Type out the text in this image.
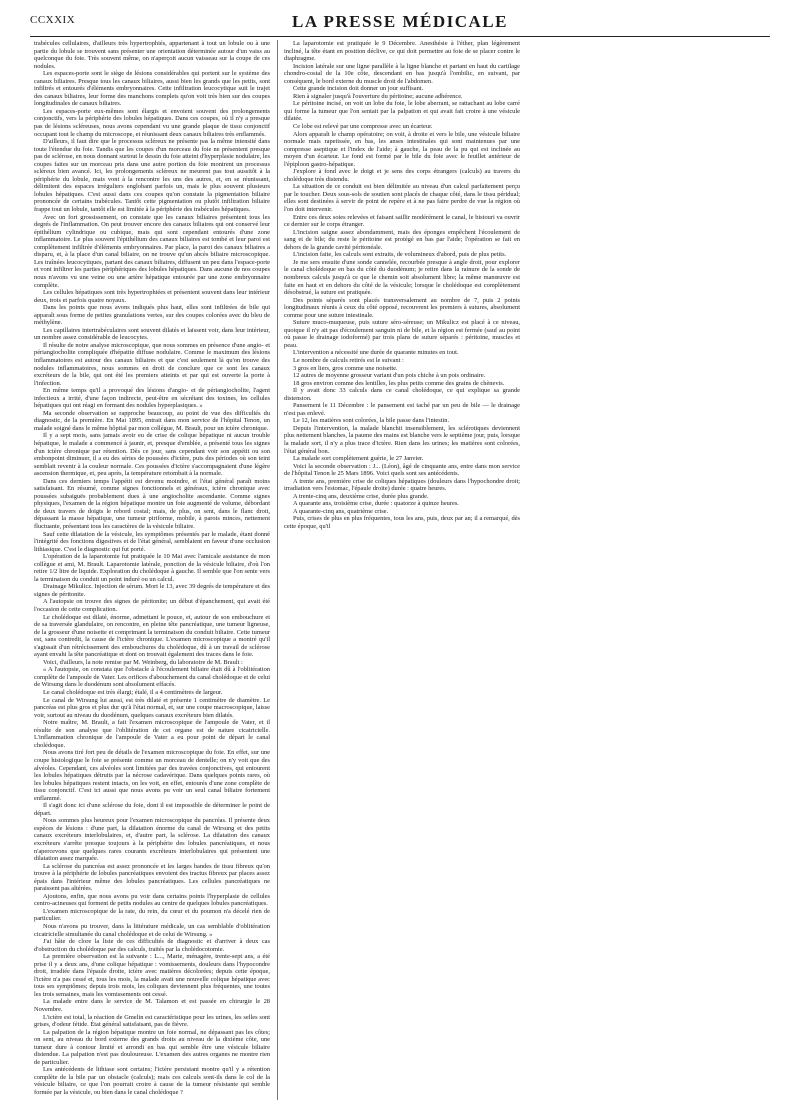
CCXXIX	LA PRESSE MÉDICALE

trabécules cellulaires, d'ailleurs très hypertrophiés, appartenant à tout un lobule ou à une partie du lobule se trouvent sans présenter une orientation déterminée autour d'un vaiss au quelconque du foie. Très souvent même, on n'aperçoit aucun vaisseau sur la coupe de ces nodules.

Les espaces-porte sont le siège de lésions considérables qui portent sur le système des canaux biliaires. Presque tous les canaux biliaires, aussi bien les grands que les petits, sont infiltrés et entourés d'éléments embryonnaires. Cette infiltration leucocytique suit le trajet des canaux biliaires, leur forme des manchons complets qu'on voit très bien sur des coupes longitudinales de canaux biliaires.

Les espaces-porte eux-mêmes sont élargis et envoient souvent des prolongements conjonctifs, vers la périphérie des lobules hépatiques. Dans ces coupes, où il n'y a presque pas de lésions scléreuses, nous avons cependant vu une grande plaque de tissu conjonctif occupant tout le champ du microscope, et réunissant deux canaux biliaires très enflammés.

D'ailleurs, il faut dire que le processus scléreux ne présente pas la même intensité dans toute l'étendue du foie. Tandis que les coupes d'un morceau du foie ne présentent presque pas de sclérose, en nous donnant surtout le dessin du foie atteint d'hyperplasie nodulaire, les coupes faites sur un morceau pris dans une autre portion du foie montrent un processus scléreux bien avancé. Ici, les prolongements scléreux ne meurent pas tout aussitôt à la périphérie du lobule, mais vont à la rencontre les uns des autres, et, en se réunissant, délimitent des espaces irréguliers englobant parfois un, mais le plus souvent plusieurs lobules hépatiques. C'est aussi dans ces coupes qu'on constate la pigmentation biliaire prononcée de certains trabécules. Tantôt cette pigmentation ou plutôt infiltration biliaire frappe tout un lobule, tantôt elle est limitée à la périphérie des trabécules hépatiques.

Avec un fort grossissement, on constate que les canaux biliaires présentent tous les degrés de l'inflammation. On peut trouver encore des canaux biliaires qui ont conservé leur épithélium cylindrique ou cubique, mais qui sont cependant entourés d'une zone inflammatoire. Le plus souvent l'épithélium des canaux biliaires est tombé et leur paroi est complètement infiltrée d'éléments embryonnaires. Par place, la paroi des canaux biliaires a disparu, et, à la place d'un canal biliaire, on ne trouve qu'un abcès biliaire microscopique. Les traînées leucocytiques, partant des canaux biliaires, diffusent un peu dans l'espace-porte et vont infiltrer les parties périphériques des lobules hépatiques. Dans aucune de nos coupes nous n'avons vu une veine ou une artère hépatique entourée par une zone embryonnaire complète.

Les cellules hépatiques sont très hypertrophiées et présentent souvent dans leur intérieur deux, trois et parfois quatre noyaux.

Dans les points que nous avons indiqués plus haut, elles sont infiltrées de bile qui apparaît sous forme de petites granulations vertes, sur des coupes colorées avec du bleu de méthylène.

Les capillaires intertrabéculaires sont souvent dilatés et laissent voir, dans leur intérieur, un nombre assez considérable de leucocytes.

Il résulte de notre analyse microscopique, que nous sommes en présence d'une angio- et périangiocholite compliquée d'hépatite diffuse nodulaire. Comme le maximum des lésions inflammatoires est autour des canaux biliaires et que c'est seulement là qu'on trouve des nodules inflammatoires, nous sommes en droit de conclure que ce sont les canaux excréteurs de la bile, qui ont été les premiers atteints et par qui est ouverte la porte à l'infection.

En même temps qu'il a provoqué des lésions d'angio- et de périangiocholite, l'agent infectieux a irrité, d'une façon indirecte, peut-être en sécrétant des toxines, les cellules hépatiques qui ont réagi en formant des nodules hyperplasiques. »

Ma seconde observation se rapproche beaucoup, au point de vue des difficultés du diagnostic, de la première. En Mai 1895, entrait dans mon service de l'hôpital Tenon, un malade soigné dans le même hôpital par mon collègue, M. Brault, pour un ictère chronique.

Il y a sept mois, sans jamais avoir eu de crise de colique hépatique ni aucun trouble hépatique, le malade a commencé à jaunir, et, presque d'emblée, a présenté tous les signes d'un ictère chronique par rétention. Dès ce jour, sans cependant voir son appétit ou son embonpoint diminuer, il a eu des séries de poussées d'ictère, puis des périodes où son teint semblait revenir à la couleur normale. Ces poussées d'ictère s'accompagnaient d'une légère ascension thermique, et, peu après, la température retombait à la normale.

Dans ces derniers temps l'appétit est devenu moindre, et l'état général paraît moins satisfaisant. En résumé, comme signes fonctionnels et généraux, ictère chronique avec poussées subaiguës probablement dues à une angiocholite ascendante. Comme signes physiques, l'examen de la région hépatique montre un foie augmenté de volume, débordant de deux travers de doigts le rebord costal; mais, de plus, on sent, dans le flanc droit, dépassant la masse hépatique, une tumeur piriforme, mobile, à parois minces, nettement fluctuante, présentant tous les caractères de la vésicule biliaire.

Sauf cette dilatation de la vésicule, les symptômes présentés par le malade, étant donné l'intégrité des fonctions digestives et de l'état général, semblaient en faveur d'une occlusion lithiasique. C'est le diagnostic qui fut porté.

L'opération de la laparotomie fut pratiquée le 10 Mai avec l'amicale assistance de mon collègue et ami, M. Brault. Laparotomie latérale, ponction de la vésicule biliaire, d'où l'on retire 1/2 litre de liquide. Exploration du cholédoque à gauche. Il semble que l'on sente vers la terminaison du conduit un point induré ou un calcul.

Drainage Mikulicz. Injection de sérum. Mort le 13, avec 39 degrés de température et des signes de péritonite.

A l'autopsie on trouve des signes de péritonite; un début d'épanchement, qui avait été l'occasion de cette complication.

Le cholédoque est dilaté, énorme, admettant le pouce, et, autour de son embouchure et de sa traversée glandulaire, on rencontre, en pleine tête pancréatique, une tumeur ligneuse, de la grosseur d'une noisette et comprimant la terminaison du conduit biliaire. Cette tumeur est, sans contredit, la cause de l'ictère chronique. L'examen microscopique a montré qu'il s'agissait d'un rétrécissement des embouchures du cholédoque, dû à un travail de sclérose ayant envahi la tête pancréatique et dont on trouvait également des traces dans le foie.

Voici, d'ailleurs, la note remise par M. Weinberg, du laboratoire de M. Brault :

« A l'autopsie, on constata que l'obstacle à l'écoulement biliaire était dû à l'oblitération complète de l'ampoule de Vater. Les orifices d'abouchement du canal cholédoque et de celui de Wirsung dans le duodénum sont absolument effacés.

Le canal cholédoque est très élargi; étalé, il a 4 centimètres de largeur.

Le canal de Wirsung lui aussi, est très dilaté et présente 1 centimètre de diamètre. Le pancréas est plus gros et plus dur qu'à l'état normal, et, sur une coupe macroscopique, laisse voir, surtout au niveau du duodénum, quelques canaux excréteurs bien dilatés.

Notre maître, M. Brault, a fait l'examen microscopique de l'ampoule de Vater, et il résulte de son analyse que l'oblitération de cet organe est de nature cicatricielle. L'inflammation chronique de l'ampoule de Vater a eu pour point de départ le canal cholédoque.

Nous avons tiré fort peu de détails de l'examen microscopique du foie. En effet, sur une coupe histologique le foie se présente comme un morceau de dentelle; on n'y voit que des alvéoles. Cependant, ces alvéoles sont limitées par des travées conjonctives, qui entourent les lobules hépatiques détruits par la nécrose cadavérique. Dans quelques points rares, où les lobules hépatiques restent intacts, on les voit, en effet, entourés d'une zone complète de tissu conjonctif. C'est ici aussi que nous avons pu voir un seul canal biliaire fortement enflammé.

Il s'agit donc ici d'une sclérose du foie, dont il est impossible de déterminer le point de départ.

Nous sommes plus heureux pour l'examen microscopique du pancréas. Il présente deux espèces de lésions : d'une part, la dilatation énorme du canal de Wirsung et des petits canaux excréteurs interlobulaires, et, d'autre part, la sclérose. La dilatation des canaux excréteurs s'arrête presque toujours à la périphérie des lobules pancréatiques, et nous n'apercevons que quelques rares courants excréteurs interlobulaires qui présentent une dilatation assez marquée.

La sclérose du pancréas est assez prononcée et les larges bandes de tissu fibreux qu'on trouve à la périphérie de lobules pancréatiques envoient des tractus fibreux par places assez épais dans l'intérieur même des lobules pancréatiques. Les cellules pancréatiques ne paraissent pas altérées.

Ajoutons, enfin, que nous avons pu voir dans certains points l'hyperplasie de cellules centro-acineuses qui forment de petits nodules au centre de quelques lobules pancréatiques.

L'examen microscopique de la rate, du rein, du cœur et du poumon n'a décelé rien de particulier.

Nous n'avons pu trouver, dans la littérature médicale, un cas semblable d'oblitération cicatricielle simultanée du canal cholédoque et de celui de Wirsung. »

J'ai hâte de clore la liste de ces difficultés de diagnostic et d'arriver à deux cas d'obstruction du cholédoque par des calculs, traités par la cholédocotomie.

La première observation est la suivante : L..., Marie, ménagère, trente-sept ans, a été prise il y a deux ans, d'une colique hépatique : vomissements, douleurs dans l'hypocondre droit, irradiée dans l'épaule droite, ictère avec matières décolorées; depuis cette époque, l'ictère n'a pas cessé et, tous les mois, la malade avait une nouvelle colique hépatique avec tous ses symptômes; depuis trois mois, les coliques deviennent plus fréquentes, une toutes les trois semaines, mais les vomissements ont cessé.

La malade entre dans le service de M. Talamon et est passée en chirurgie le 28 Novembre.

L'ictère est total, la réaction de Gmelin est caractéristique pour les urines, les selles sont grises, d'odeur fétide. État général satisfaisant, pas de fièvre.

La palpation de la région hépatique montre un foie normal, ne dépassant pas les côtes; on sent, au niveau du bord externe des grands droits au niveau de la dixième côte, une tumeur dure à contour limité et arrondi en bas qui semble être une vésicule biliaire distendue. La palpation n'est pas douloureuse. L'examen des autres organes ne montre rien de particulier.

Les antécédents de lithiase sont certains; l'ictère persistant montre qu'il y a rétention complète de la bile par un obstacle (calculs); mais ces calculs sont-ils dans le col de la vésicule biliaire, ce que l'on pourrait croire à cause de la tumeur résistante qui semble formée par la vésicule, ou bien dans le canal cholédoque ?

La laparotomie est pratiquée le 9 Décembre. Anesthésie à l'éther, plan légèrement incliné, la tête étant en position déclive, ce qui doit permettre au foie de se placer contre le diaphragme.

Incision latérale sur une ligne parallèle à la ligne blanche et partant en haut du cartilage chondro-costal de la 10e côte, descendant en bas jusqu'à l'ombilic, en suivant, par conséquent, le bord externe du muscle droit de l'abdomen.

Cette grande incision doit donner un jour suffisant.

Rien à signaler jusqu'à l'ouverture du péritoine; aucune adhérence.

Le péritoine incisé, on voit un lobe du foie, le lobe aberrant, se rattachant au lobe carré qui forme la tumeur que l'on sentait par la palpation et qui avait fait croire à une vésicule dilatée.

Ce lobe est relevé par une compresse avec un écarteur.

Alors apparaît le champ opératoire; on voit, à droite et vers le bile, une vésicule biliaire normale mais rapetissée, en bas, les anses intestinales qui sont maintenues par une compresse aseptique et l'index de l'aide; à gauche, la peau de la pu qui est inclinée au moyen d'un écarteur. Le fond est formé par le bile du foie avec le feuillet antérieur de l'épiploon gastro-hépatique.

J'explore à fond avec le doigt et je sens des corps étrangers (calculs) au travers du cholédoque très distendu.

La situation de ce conduit est bien délimitée au niveau d'un calcul parfaitement perçu par le toucher. Deux sous-sols de soutien sont placés de chaque côté, dans le tissu péridual; elles sont destinées à servir de point de repère et à ne pas faire perdre de vue la région où l'on doit intervenir.

Entre ces deux soies relevées et faisant saillir modérément le canal, le bistouri va ouvrir ce dernier sur le corps étranger.

L'incision saigne assez abondamment, mais des éponges empêchent l'écoulement de sang et de bile; du reste le péritoine est protégé en bas par l'aide; l'opération se fait en dehors de la grande cavité péritonéale.

L'incision faite, les calculs sont extraits, de volumineux d'abord, puis de plus petits.

Je me sers ensuite d'une sonde cannelée, recourbée presque à angle droit, pour explorer le canal cholédoque en bas du côté du duodénum; je retire dans la rainure de la sonde de nombreux calculs jusqu'à ce que le chemin soit absolument libre; la même manœuvre est faite en haut et en dehors du côté de la vésicule; lorsque le cholédoque est complètement désobstrué, la suture est pratiquée.

Des points séparés sont placés transversalement au nombre de 7, puis 2 points longitudinaux réunis à ceux du côté opposé, recouvrent les premiers à sutures, absolument comme pour une suture intestinale.

Suture muco-muqueuse, puis suture séro-séreuse; un Mikulicz est placé à ce niveau, quoique il n'y ait pas d'écoulement sanguin ni de bile, et la région est fermée (sauf au point où passe le drainage iodoformé) par trois plans de suture séparés : péritoine, muscles et peau.

L'intervention a nécessité une durée de quarante minutes en tout.

Le nombre de calculs retirés est le suivant :

3 gros en liers, gros comme une noisette.

12 autres de moyenne grosseur variant d'un pois chiche à un pois ordinaire.

18 gros environ comme des lentilles, les plus petits comme des grains de chènevis.

Il y avait donc 33 calculs dans ce canal cholédoque, ce qui explique sa grande distension.

Pansement le 11 Décembre : le pansement est taché par un peu de bile — le drainage n'est pas enlevé.

Le 12, les matières sont colorées, la bile passe dans l'intestin.

Depuis l'intervention, la malade blanchit insensiblement, les sclérotiques deviennent plus nettement blanches, la paume des mains est blanche vers le septième jour, puis, lorsque la malade sort, il n'y a plus trace d'ictère. Rien dans les urines; les matières sont colorées, l'état général bon.

La malade sort complètement guérie, le 27 Janvier.

Voici la seconde observation : J... (Léon), âgé de cinquante ans, entre dans mon service de l'hôpital Tenon le 25 Mars 1896. Voici quels sont ses antécédents.

A trente ans, première crise de coliques hépatiques (douleurs dans l'hypochondre droit; irradiation vers l'estomac, l'épaule droite) durée : quatre heures.

A trente-cinq ans, deuxième crise, durée plus grande.

A quarante ans, troisième crise, durée : quatorze à quinze heures.

A quarante-cinq ans, quatrième crise.

Puis, crises de plus en plus fréquentes, tous les ans, puis, deux par an; il a remarqué, dès cette époque, qu'il
